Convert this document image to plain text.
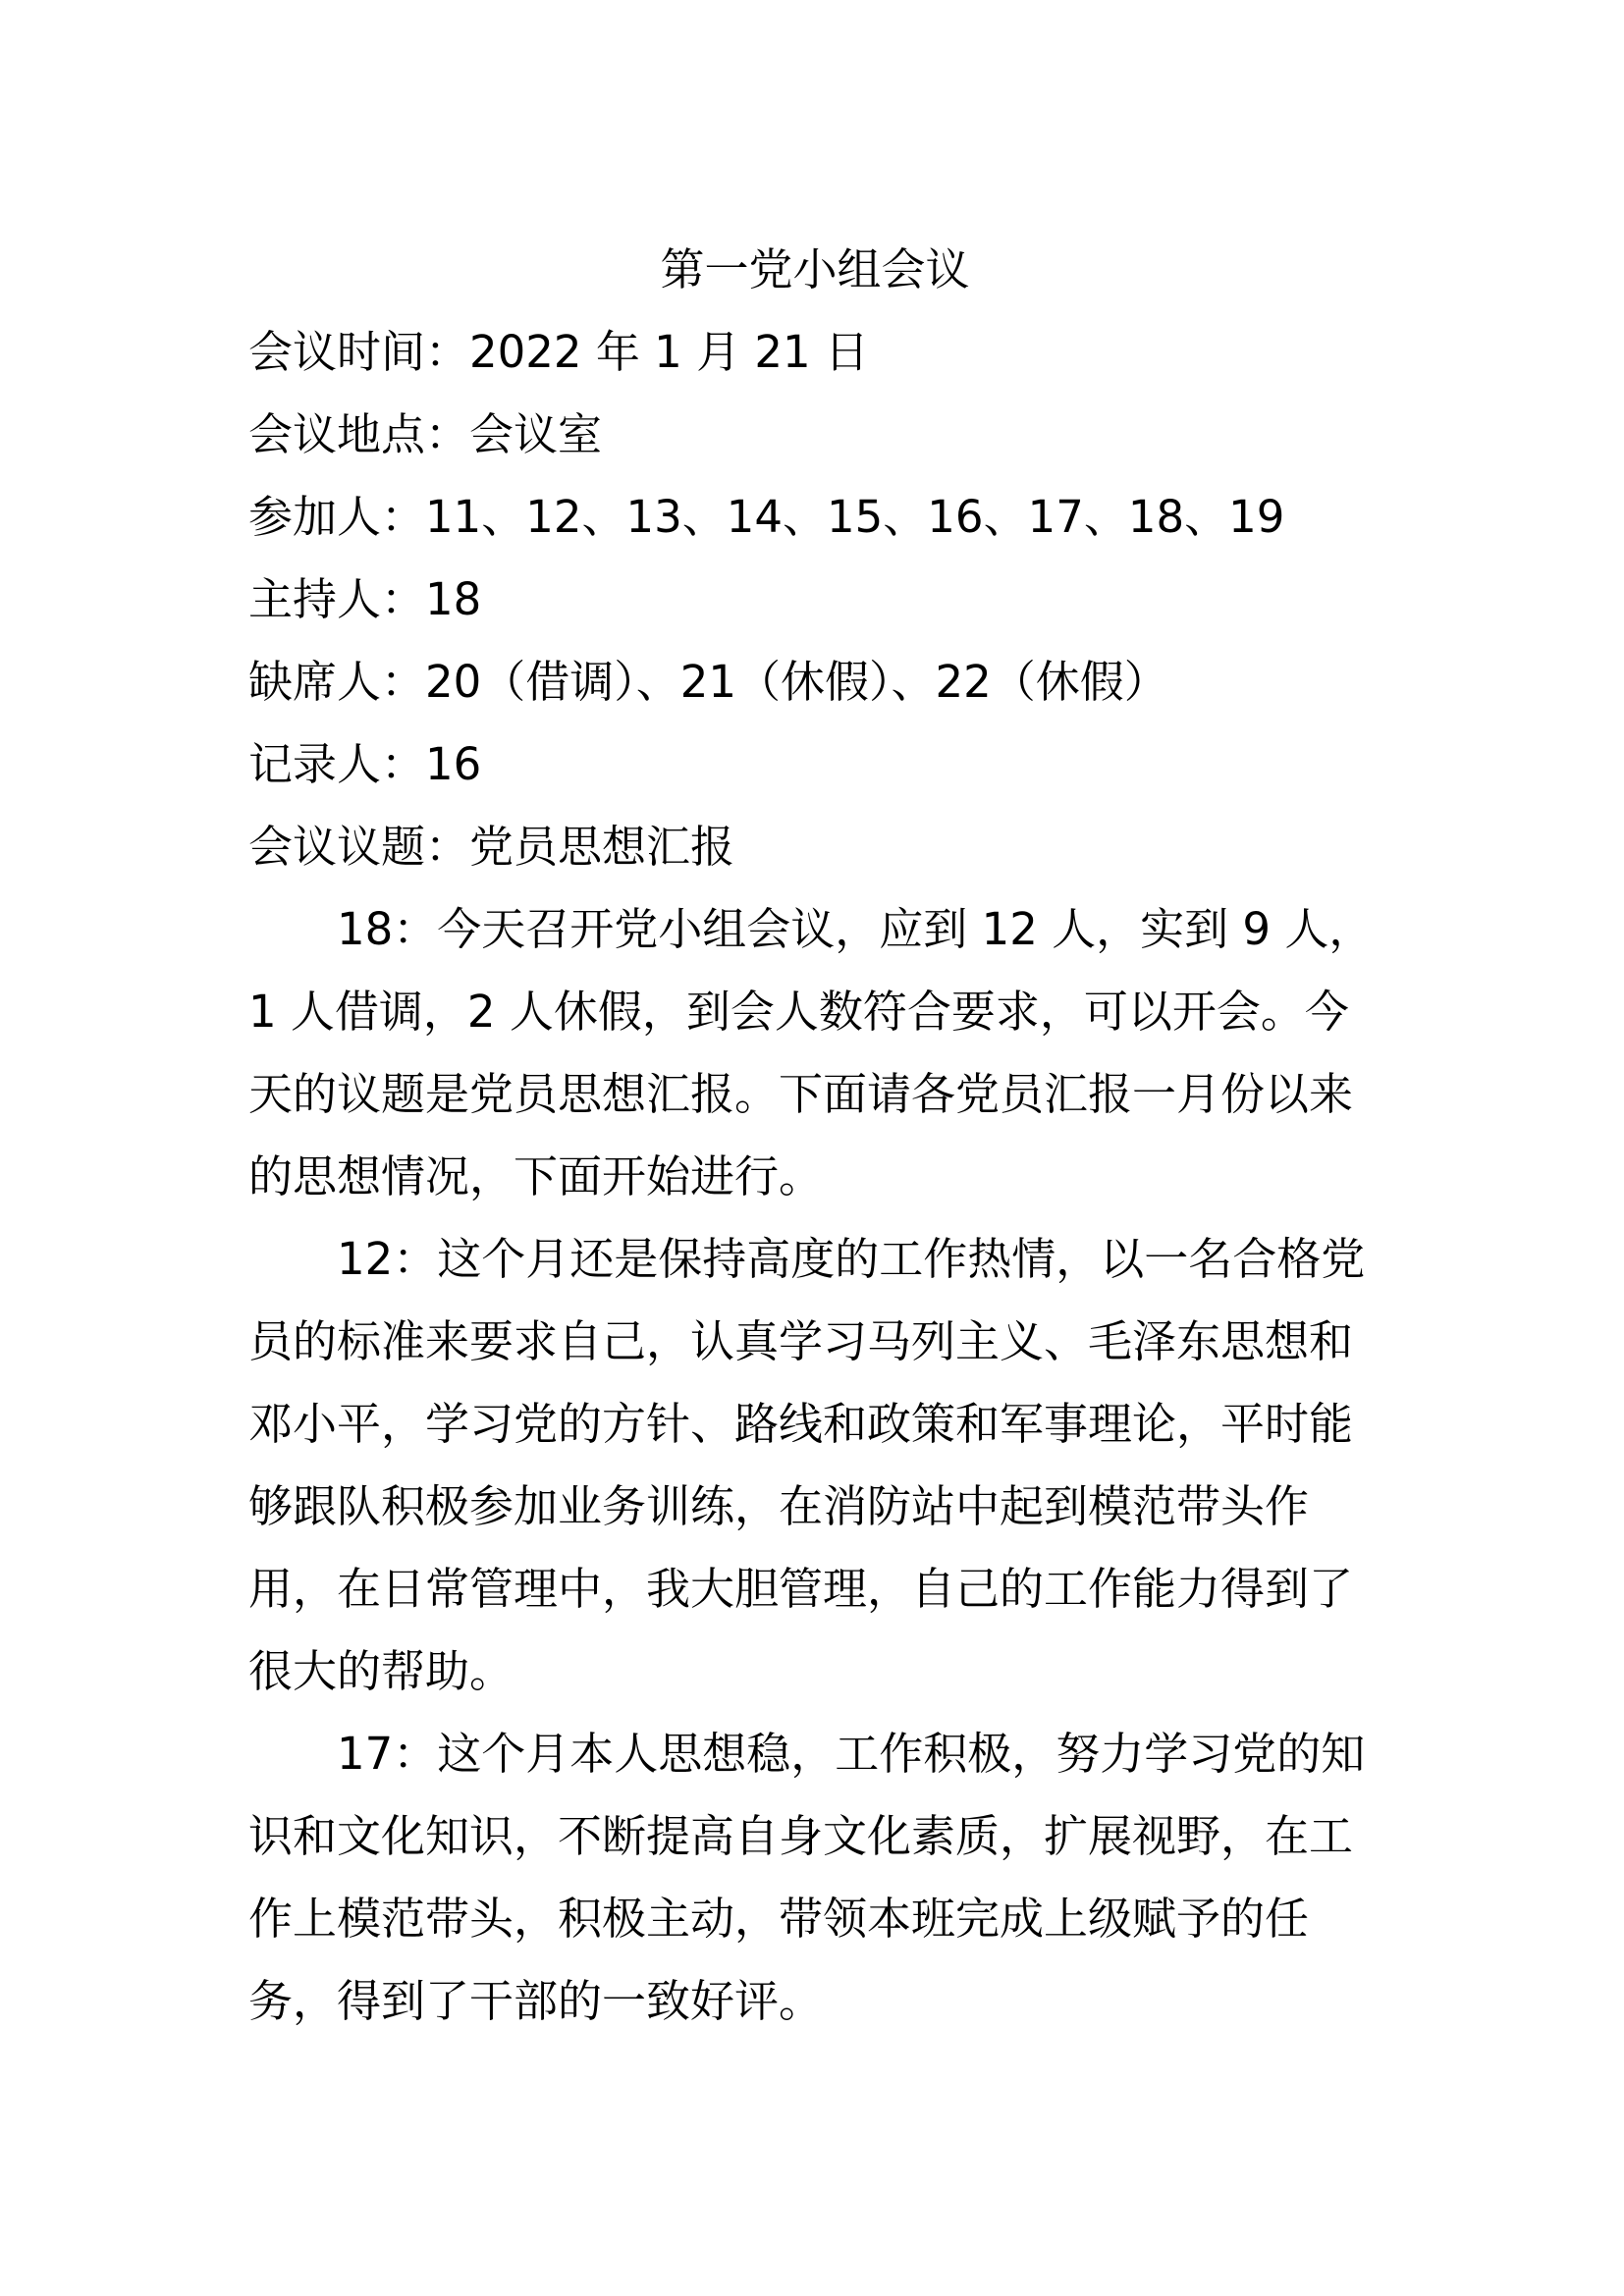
第一党小组会议

会议时间：2022 年 1 月 21 日

会议地点：会议室

参加人：11、12、13、14、15、16、17、18、19

主持人：18

缺席人：20（借调）、21（休假）、22（休假）

记录人：16

会议议题：党员思想汇报

18：今天召开党小组会议，应到 12 人，实到 9 人，1 人借调，2 人休假，到会人数符合要求，可以开会。今天的议题是党员思想汇报。下面请各党员汇报一月份以来的思想情况，下面开始进行。

12：这个月还是保持高度的工作热情，以一名合格党员的标准来要求自己，认真学习马列主义、毛泽东思想和邓小平，学习党的方针、路线和政策和军事理论，平时能够跟队积极参加业务训练，在消防站中起到模范带头作用，在日常管理中，我大胆管理，自己的工作能力得到了很大的帮助。

17：这个月本人思想稳，工作积极，努力学习党的知识和文化知识，不断提高自身文化素质，扩展视野，在工作上模范带头，积极主动，带领本班完成上级赋予的任务，得到了干部的一致好评。
